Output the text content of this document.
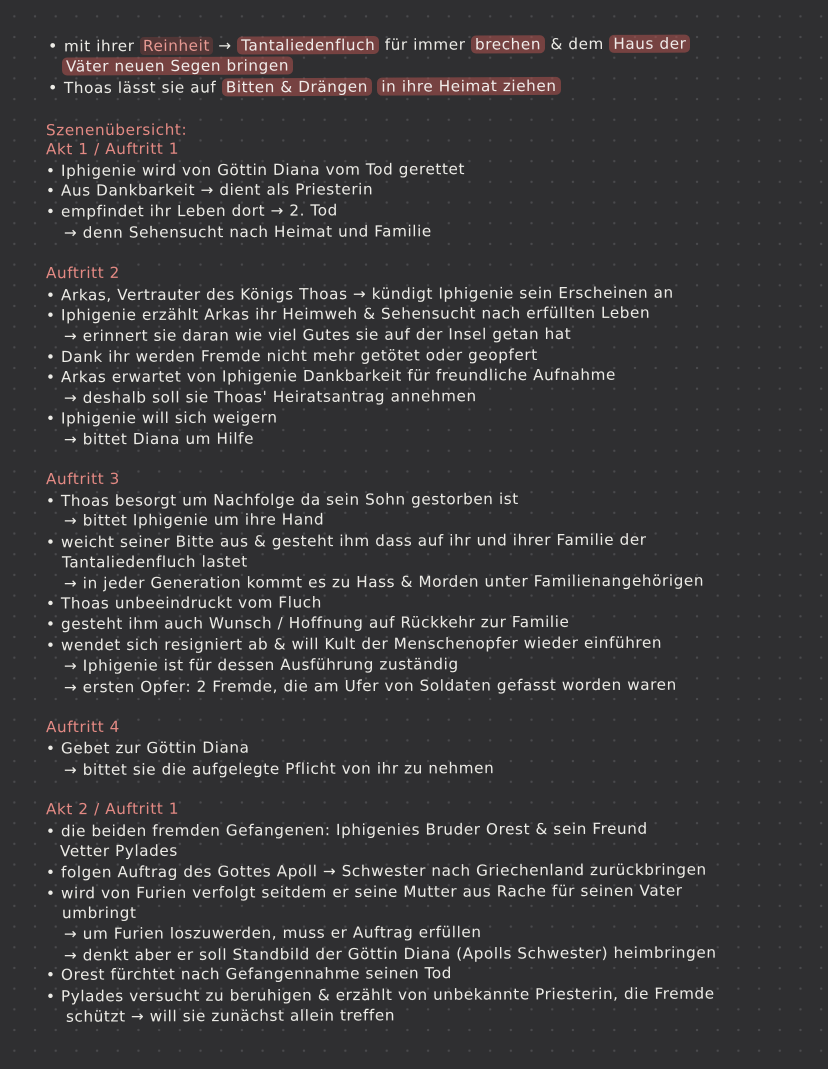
• mit ihrer Reinheit → Tantaliedenfluch für immer brechen & dem Haus der
Väter neuen Segen bringen
• Thoas lässt sie auf Bitten & Drängen in ihre Heimat ziehen
Szenenübersicht:
Akt 1 / Auftritt 1
• Iphigenie wird von Göttin Diana vom Tod gerettet
• Aus Dankbarkeit → dient als Priesterin
• empfindet ihr Leben dort → 2. Tod
→ denn Sehensucht nach Heimat und Familie
Auftritt 2
• Arkas, Vertrauter des Königs Thoas → kündigt Iphigenie sein Erscheinen an
• Iphigenie erzählt Arkas ihr Heimweh & Sehensucht nach erfüllten Leben
→ erinnert sie daran wie viel Gutes sie auf der Insel getan hat
• Dank ihr werden Fremde nicht mehr getötet oder geopfert
• Arkas erwartet von Iphigenie Dankbarkeit für freundliche Aufnahme
→ deshalb soll sie Thoas' Heiratsantrag annehmen
• Iphigenie will sich weigern
→ bittet Diana um Hilfe
Auftritt 3
• Thoas besorgt um Nachfolge da sein Sohn gestorben ist
→ bittet Iphigenie um ihre Hand
• weicht seiner Bitte aus & gesteht ihm dass auf ihr und ihrer Familie der
Tantaliedenfluch lastet
→ in jeder Generation kommt es zu Hass & Morden unter Familienangehörigen
• Thoas unbeeindruckt vom Fluch
• gesteht ihm auch Wunsch / Hoffnung auf Rückkehr zur Familie
• wendet sich resigniert ab & will Kult der Menschenopfer wieder einführen
→ Iphigenie ist für dessen Ausführung zuständig
→ ersten Opfer: 2 Fremde, die am Ufer von Soldaten gefasst worden waren
Auftritt 4
• Gebet zur Göttin Diana
→ bittet sie die aufgelegte Pflicht von ihr zu nehmen
Akt 2 / Auftritt 1
• die beiden fremden Gefangenen: Iphigenies Bruder Orest & sein Freund
Vetter Pylades
• folgen Auftrag des Gottes Apoll → Schwester nach Griechenland zurückbringen
• wird von Furien verfolgt seitdem er seine Mutter aus Rache für seinen Vater
umbringt
→ um Furien loszuwerden, muss er Auftrag erfüllen
→ denkt aber er soll Standbild der Göttin Diana (Apolls Schwester) heimbringen
• Orest fürchtet nach Gefangennahme seinen Tod
• Pylades versucht zu beruhigen & erzählt von unbekannte Priesterin, die Fremde
schützt → will sie zunächst allein treffen
